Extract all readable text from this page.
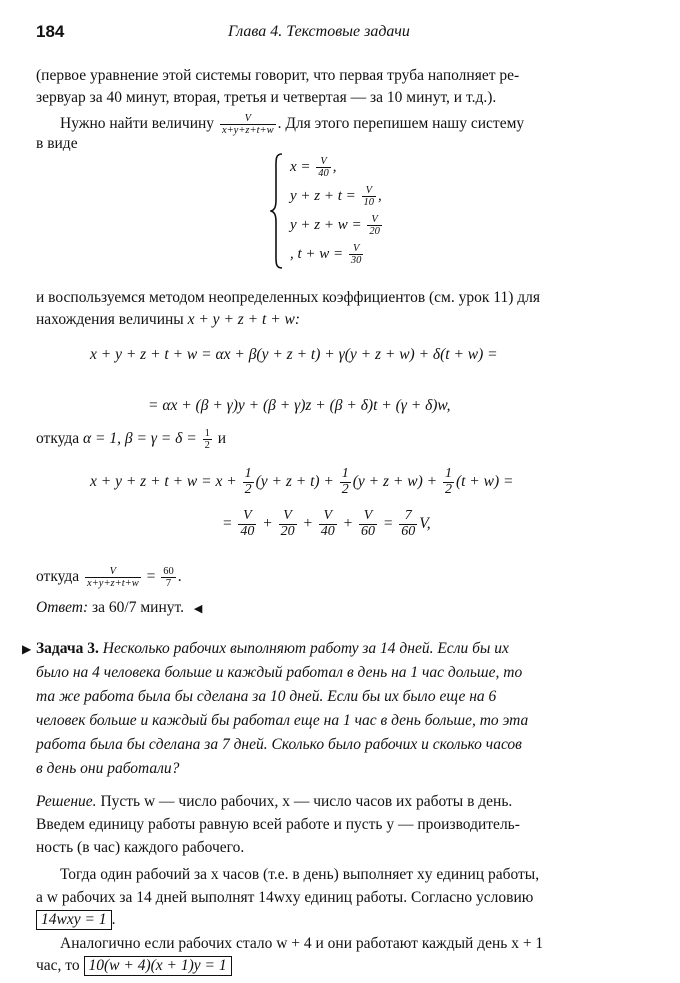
184	Глава 4. Текстовые задачи
(первое уравнение этой системы говорит, что первая труба наполняет ре-
зервуар за 40 минут, вторая, третья и четвертая — за 10 минут, и т.д.).
Нужно найти величину $\frac{V}{x+y+z+t+w}$ . Для этого перепишем нашу систему
в виде
$x = \frac{V}{40}$ ,
$y + z + t = \frac{V}{10}$ ,
$y + z + w = \frac{V}{20}$
, $t + w = \frac{V}{30}$
и воспользуемся методом неопределенных коэффициентов (см. урок 11) для
нахождения величины x + y + z + t + w:
x + y + z + t + w = αx + β(y + z + t) + γ(y + z + w) + δ(t + w) =
= αx + (β + γ)y + (β + γ)z + (β + δ)t + (γ + δ)w,
откуда α = 1, $\beta = \gamma = \delta = \frac{1}{2}$ и
$x + y + z + t + w = x + \frac{1}{2} (y + z + t) + \frac{1}{2} (y + z + w) + \frac{1}{2} (t + w)$ =
= $\frac{V}{40} + \frac{V}{20} + \frac{V}{40} + \frac{V}{60} = \frac{7}{60} V$,
откуда $\frac{V}{x+y+z+t+w} = \frac{60}{7}$ .
Ответ: за 60/7 минут. ◀
▶ Задача 3. Несколько рабочих выполняют работу за 14 дней. Если бы их
было на 4 человека больше и каждый работал в день на 1 час дольше, то
та же работа была бы сделана за 10 дней. Если бы их было еще на 6
человек больше и каждый бы работал еще на 1 час в день больше, то эта
работа была бы сделана за 7 дней. Сколько было рабочих и сколько часов
в день они работали?
Решение. Пусть w — число рабочих, x — число часов их работы в день.
Введем единицу работы равную всей работе и пусть y — производитель-
ность (в час) каждого рабочего.
Тогда один рабочий за x часов (т.е. в день) выполняет xy единиц работы,
а w рабочих за 14 дней выполнят 14wxy единиц работы. Согласно условию
14wxy = 1 .
Аналогично если рабочих стало w + 4 и они работают каждый день x + 1
час, то 10(w + 4)(x + 1)y = 1
